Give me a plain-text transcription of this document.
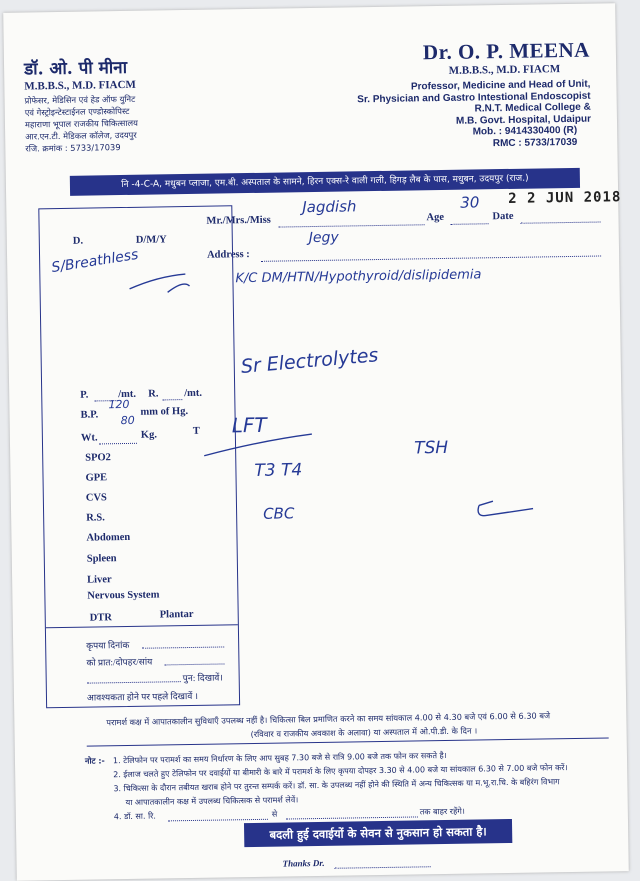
डॉ. ओ. पी मीना
M.B.B.S., M.D. FIACM
प्रोफेसर, मेडिसिन एवं हेड ऑफ युनिट
एवं गेस्ट्रोइन्टेस्टाईनल एण्डोस्कोपिस्ट
महाराणा भूपाल राजकीय चिकित्सालय
आर.एन.टी. मेडिकल कॉलेज, उदयपुर
रजि. क्रमांक : 5733/17039
Dr. O. P. MEENA
M.B.B.S., M.D. FIACM
Professor, Medicine and Head of Unit,
Sr. Physician and Gastro Intestional Endoscopist
R.N.T. Medical College &
M.B. Govt. Hospital, Udaipur
Mob. : 9414330400 (R)
RMC : 5733/17039
नि -4-C-A, मधुबन प्लाजा, एम.बी. अस्पताल के सामने, हिरन एक्स-रे वाली गली, हिगड़ लैब के पास, मधुबन, उदयपुर (राज.)
Mr./Mrs./Miss
Jagdish
Age
30
Date
2 2 JUN 2018
Address :
Jegy
D.	D/M/Y
P.	/mt. R. /mt.
B.P.
120
80
mm of Hg.
Wt.	Kg.	T
SPO2
GPE
CVS
R.S.
Abdomen
Spleen
Liver
Nervous System
DTR	Plantar
कृपया दिनांक
को प्रात:/दोपहर/सांय
पुन: दिखावें।
आवश्यकता होने पर पहले दिखावें ।
S/Breathless
K/C DM/HTN/Hypothyroid/dislipidemia
Sr Electrolytes
LFT
T3 T4
TSH
CBC
परामर्श कक्ष में आपातकालीन सुविधाएँ उपलब्ध नहीं है। चिकित्सा बिल प्रमाणित करने का समय सांयकाल 4.00 से 4.30 बजे एवं 6.00 से 6.30 बजे
(रविवार व राजकीय अवकाश के अलावा) या अस्पताल में ओ.पी.डी. के दिन ।
नोट :- 1. टेलिफोन पर परामर्श का समय निर्धारण के लिए आप सुबह 7.30 बजे से रात्रि 9.00 बजे तक फोन कर सकते है।
2. ईलाज चलते हुए टेलिफोन पर दवाईयों या बीमारी के बारे में परामर्श के लिए कृपया दोपहर 3.30 से 4.00 बजे या सांयकाल 6.30 से 7.00 बजे फोन करें।
3. चिकित्सा के दौरान तबीयत खराब होने पर तुरन्त सम्पर्क करें। डॉ. सा. के उपलब्ध नहीं होने की स्थिति में अन्य चिकित्सक या म.भू.रा.चि. के बहिरंग विभाग
या आपातकालीन कक्ष में उपलब्ध चिकित्सक से परामर्श लेवें।
4. डॉ. सा. रि.	से	तक बाहर रहेंगे।
बदली हुई दवाईयों के सेवन से नुकसान हो सकता है।
Thanks Dr.
